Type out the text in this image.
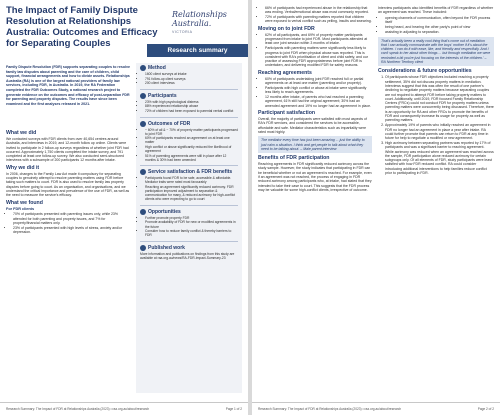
The Impact of Family Dispute Resolution at Relationships Australia: Outcomes and Efficacy for Separating Couples
Relationships Australia.
VICTORIA
Research summary
Family Dispute Resolution (FDR) supports separating couples to resolve family law disputes about parenting and the care of children, child support, financial arrangements and how to divide assets. Relationships Australia (RA) is one of the largest national providers of family law services, including FDR, in Australia. In 2019, the RA Federation completed the FDR Outcomes Study, a national research project to generate evidence on the outcomes and efficacy of post-separation FDR for parenting and property disputes. The results have since been examined and the first analyses released in 2021.
What we did

We contacted surveys with FDR clients from over 40,654 centres around Australia, and interviews in 2019, and 12-month follow up online. Clients were invited to participate in 2 follow-up surveys regardless of whether joint FDR had occurred. Approximately 1,750 clients completed the intake survey, and 791 completed at least one follow-up survey. We also conducted semi-structured interviews with a subsample of 200 participants 12 months after intake.

Why we did it

In 2006, changes to the Family Law Act made it compulsory for separating couples to genuinely attempt to resolve parenting matters using FDR before taking such matters to court. FDR is also used to resolve family law property disputes before going to court. As an organisation, and organisations, and we understand the critical importance and prevalence of the use of FDR, as well as the need to measure the service's efficacy.

What we found

For FDR clients

• 70% of participants presented with parenting issues only, while 23% attended for both parenting and property issues, and 7% for property/financial matters only.
• 23% of participants presented with high levels of stress, anxiety and/or depression.
Method
• 1600 client surveys at intake
• 791 follow-up client surveys
• 200 client interviews
Participants
• 23% with high psychological distress
• 88% experienced relationship abuse
• 72% of children had been exposed to parental verbal conflict
Outcomes of FDR
• ~ 60% of all & ~ 70% of property matter participants progressed to joint FDR
• 60% of participants reached an agreement on at least one matter
• High conflict or abuse significantly reduced the likelihood of agreement
• 51% of parenting agreements were still in place after 12 months & 30% had been amended
Service satisfaction & FDR benefits
• Participants found FDR to be safe, accessible & affordable. Mediator traits were rated most favourably
• Reaching an agreement significantly reduced acrimony. FDR participation improved adjustment to separation & communication for many, & reduced acrimony for high-conflict clients who were expecting to go to court
Opportunities
• Further promote property FDR
• Promote availability of FDR for new or modified agreements in the future
• Consider how to reduce family conflict & thereby barriers to FDR
Published work
More information and publications on findings from this study are available at raa.org.au/news/RA-FDR-Impact-Summary-23
Research Summary: The Impact of FDR at Relationships Australia (2023) • raa.org.au/about/research	Page 1 of 2
• 66% of participants had experienced abuse in the relationship that was ending. Verbal/emotional abuse was most commonly reported.
• 72% of participants with parenting matters reported that children were exposed to verbal conflict such as yelling, insults and swearing.
Moving on to joint FDR
• 62% of all participants, and 69% of property matter participants progressed from intake to joint FDR. Most participants attended at least one joint session within 3 months of intake.
• Participants with parenting matters were significantly less likely to progress to joint FDR when physical abuse was reported. This is consistent with RA's prioritisation of client and child safety, and our practice of assessing FDR appropriateness before joint FDR is undertaken, and delivering modified FDR for safety reasons.
Reaching agreements
• 60% of participants undertaking joint FDR reached full or partial agreements on at least one matter (parenting and/or property).
• Participants with high conflict or abuse at intake were significantly less likely to reach agreements.
• 12 months after intake, of parents who had reached a parenting agreement, 61% still had the original agreement; 30% had an amended agreement and 19% no longer had an agreement in place.
Participant satisfaction

Overall, the majority of participants were satisfied with most aspects of RA's FDR services, and considered the services to be accessible, affordable and safe. Mediator characteristics such as impartiality were rated most highly.

The mediator every time has just been amazing ... just the ability to just calm a situation. I think and get people to talk about what they need to be talking about. – Male parent interview
Benefits of FDR participation

Reaching agreements in FDR significantly reduced acrimony across the study sample. However, the study indicates that participating in FDR can be beneficial whether or not an agreement is reached. For example, even if an agreement was not reached, the process of engaging in FDR reduced acrimony among participants who, at intake, had stated that they intended to take their case to court. This suggests that the FDR process may be valuable for some high-conflict clients, irrespective of outcome.

Interview participants also identified benefits of FDR regardless of whether an agreement was reached. These included:

• opening channels of communication, often beyond the FDR process itself
• being heard, and hearing the other party's point of view
• assisting in adjusting to separation.
That's actually been a really cool thing that's come out of mediation that I can actually communicate with the boys' mother if it's about the children. I can do it with ease, like, and friendly and respectfully. And I can't speak to her about other things ... but through mediation we were reminded a bit you're just focusing on the interests of the children.' – RA Northern Territory client
Considerations & future opportunities
1. Of participants whose FDR objectives included reaching a property settlement, 35% did not discuss property matters in mediation. Interviews suggest that this was often the result of one partner's declining to negotiate property matters because separating couples are not required to attempt FDR before taking property matters to court. Additionally, until 2019, FDR focused Family Relationship Centres (FRCs) could not conduct FDR for property matters unless parenting matters were concurrently being discussed. Therefore, there is an opportunity for RA and other FRCs to promote the benefits of FDR and consequently increase its usage for property as well as parenting matters.
2. Approximately 19% of parents who initially reached an agreement in FDR no longer had an agreement in place a year after intake. RA could further promote that parents can return to FDR at any time in future for help to negotiate a modified or new agreement.
3. High acrimony between separating partners was reported by 17% of participants and was a significant barrier to reaching agreement. While acrimony was reduced when an agreement was reached across the sample, FDR participation alone reduced acrimony for certain subgroups only. Of all elements of FDR, study participants were least satisfied with how FDR reduced conflict. RA could consider introducing additional interventions to help families reduce conflict prior to participating in FDR.
Research Summary: The Impact of FDR at Relationships Australia (2023) • raa.org.au/about/research	Page 2 of 2
